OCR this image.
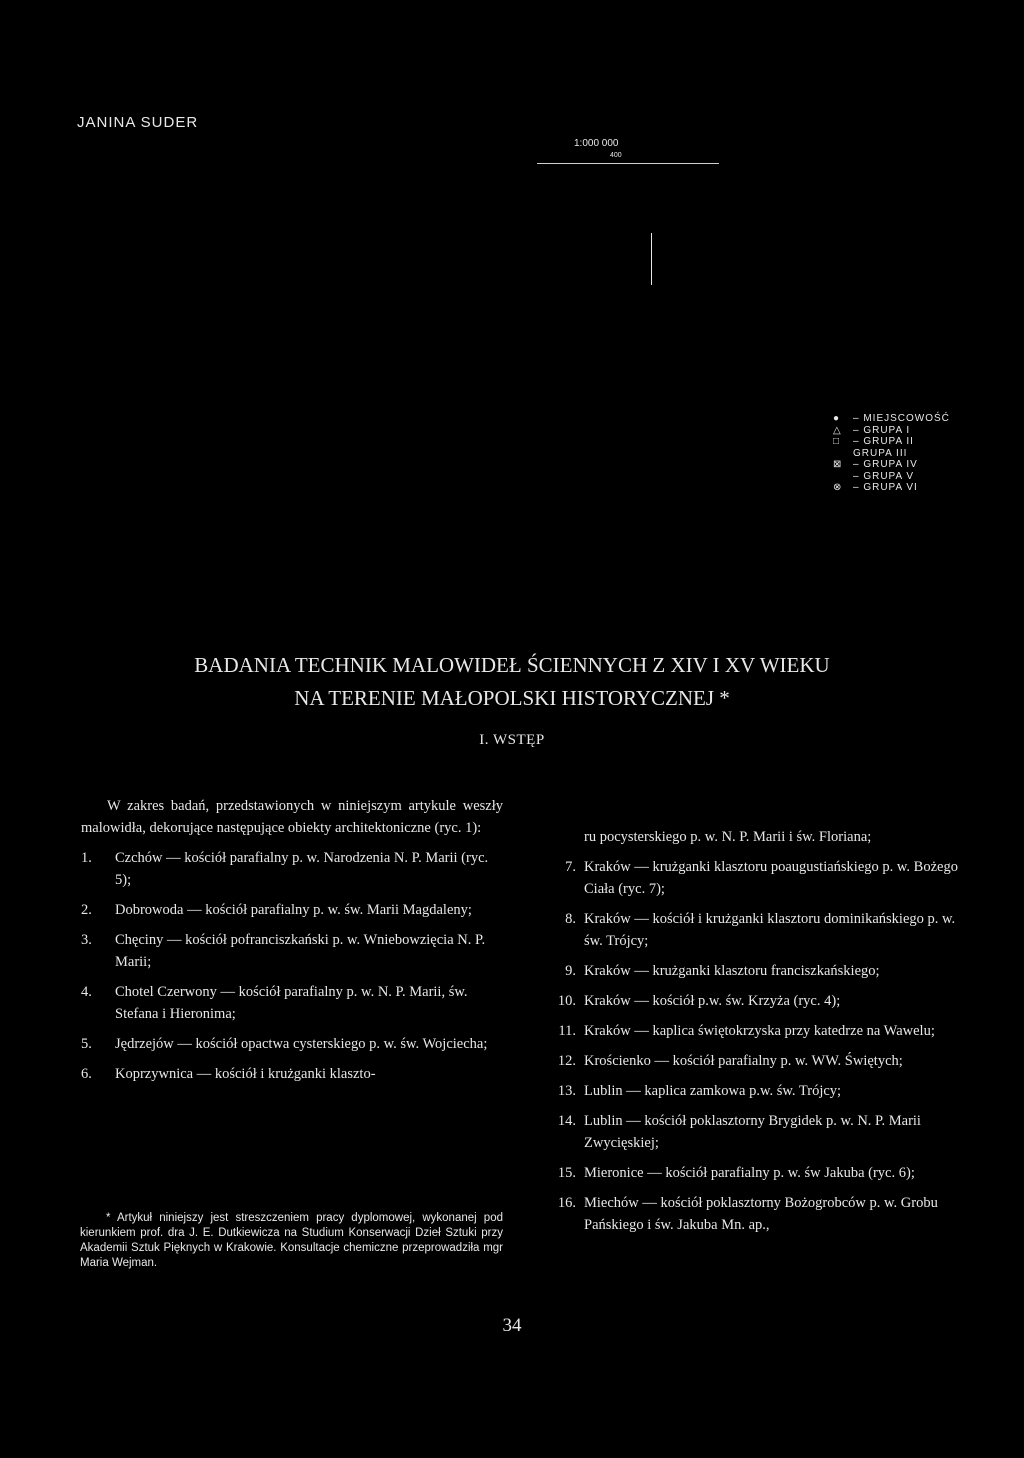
JANINA SUDER
1:000 000
400
●	– MIEJSCOWOŚĆ
△	– GRUPA I
□	– GRUPA II
GRUPA III
⊠	– GRUPA IV
– GRUPA V
⊗	– GRUPA VI
BADANIA TECHNIK MALOWIDEŁ ŚCIENNYCH Z XIV I XV WIEKU
NA TERENIE MAŁOPOLSKI HISTORYCZNEJ *
I. WSTĘP

W zakres badań, przedstawionych w niniejszym artykule weszły malowidła, dekorujące następujące obiekty architektoniczne (ryc. 1):

1.	Czchów — kościół parafialny p. w. Narodzenia N. P. Marii (ryc. 5);
2.	Dobrowoda — kościół parafialny p. w. św. Marii Magdaleny;
3.	Chęciny — kościół pofranciszkański p. w. Wniebowzięcia N. P. Marii;
4.	Chotel Czerwony — kościół parafialny p. w. N. P. Marii, św. Stefana i Hieronima;
5.	Jędrzejów — kościół opactwa cysterskiego p. w. św. Wojciecha;
6.	Koprzywnica — kościół i krużganki klaszto-
ru pocysterskiego p. w. N. P. Marii i św. Floriana;
7. Kraków — krużganki klasztoru poaugustiańskiego p. w. Bożego Ciała (ryc. 7);
8. Kraków — kościół i krużganki klasztoru dominikańskiego p. w. św. Trójcy;
9. Kraków — krużganki klasztoru franciszkańskiego;
10. Kraków — kościół p.w. św. Krzyża (ryc. 4);
11. Kraków — kaplica świętokrzyska przy katedrze na Wawelu;
12. Krościenko — kościół parafialny p. w. WW. Świętych;
13. Lublin — kaplica zamkowa p.w. św. Trójcy;
14. Lublin — kościół poklasztorny Brygidek p. w. N. P. Marii Zwycięskiej;
15. Mieronice — kościół parafialny p. w. św Jakuba (ryc. 6);
16. Miechów — kościół poklasztorny Bożogrobców p. w. Grobu Pańskiego i św. Jakuba Mn. ap.,
* Artykuł niniejszy jest streszczeniem pracy dyplomowej, wykonanej pod kierunkiem prof. dra J. E. Dutkiewicza na Studium Konserwacji Dzieł Sztuki przy Akademii Sztuk Pięknych w Krakowie. Konsultacje chemiczne przeprowadziła mgr Maria Wejman.
34
